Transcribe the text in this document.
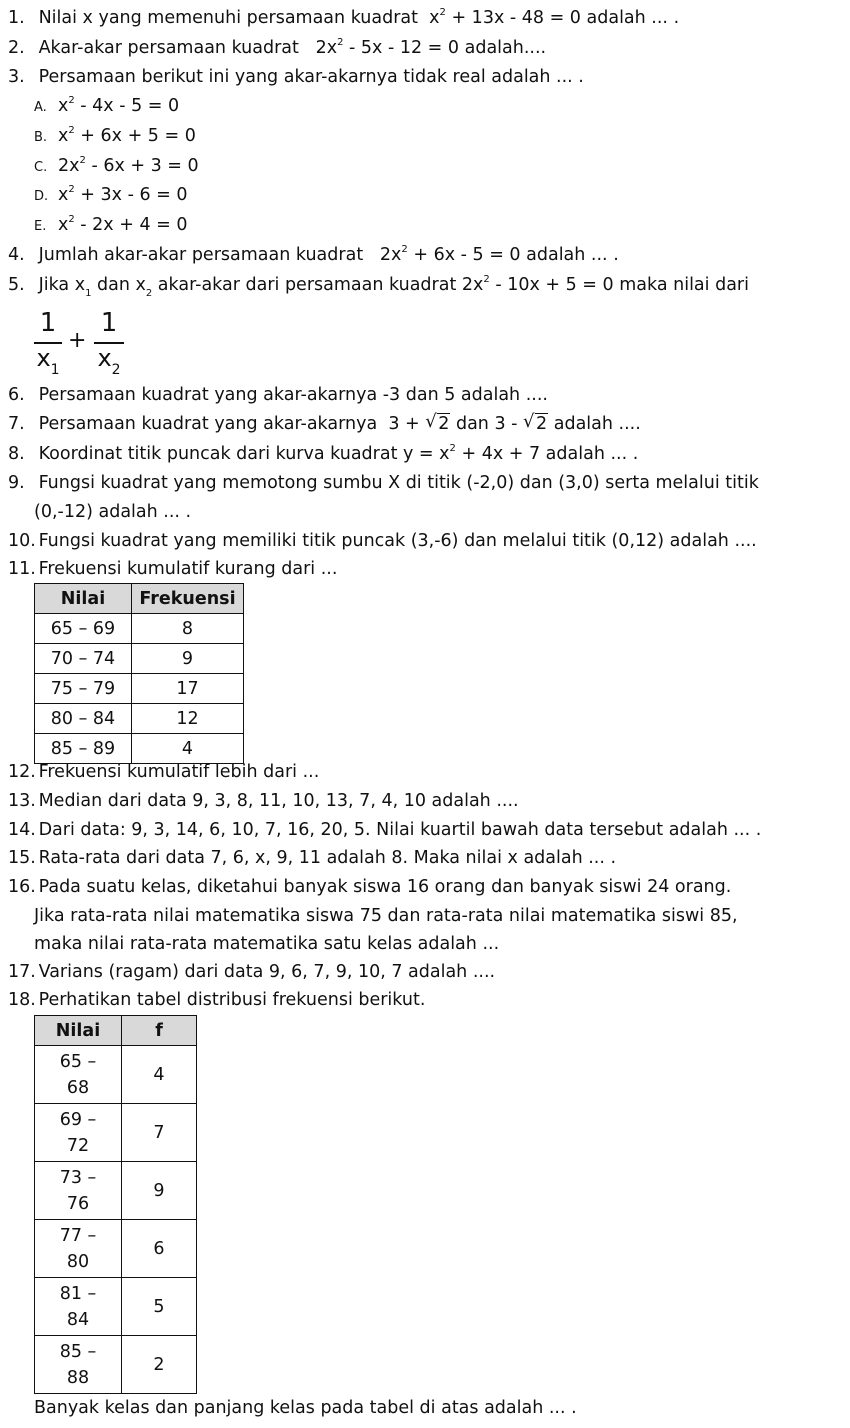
1. Nilai x yang memenuhi persamaan kuadrat $x^2 + 13x - 48 = 0$ adalah ... .
2. Akar-akar persamaan kuadrat $2x^2 - 5x - 12 = 0$ adalah....
3. Persamaan berikut ini yang akar-akarnya tidak real adalah ... .
A. $x^2 - 4x - 5 = 0$
B. $x^2 + 6x + 5 = 0$
C. $2x^2 - 6x + 3 = 0$
D. $x^2 + 3x - 6 = 0$
E. $x^2 - 2x + 4 = 0$
4. Jumlah akar-akar persamaan kuadrat $2x^2 + 6x - 5 = 0$ adalah ... .
5. Jika $x_1$ dan $x_2$ akar-akar dari persamaan kuadrat $2x^2 - 10x + 5 = 0$ maka nilai dari
1
$x_1$
+
1
$x_2$
6. Persamaan kuadrat yang akar-akarnya -3 dan 5 adalah ....
7. Persamaan kuadrat yang akar-akarnya 3 + √ 2 dan 3 - √ 2 adalah ....
8. Koordinat titik puncak dari kurva kuadrat $y = x^2 + 4x + 7$ adalah ... .
9. Fungsi kuadrat yang memotong sumbu X di titik (-2,0) dan (3,0) serta melalui titik
(0,-12) adalah ... .
10. Fungsi kuadrat yang memiliki titik puncak (3,-6) dan melalui titik (0,12) adalah ....
11. Frekuensi kumulatif kurang dari ...
Nilai	Frekuensi
65 – 69	8
70 – 74	9
75 – 79	17
80 – 84	12
85 – 89	4
12. Frekuensi kumulatif lebih dari ...
13. Median dari data 9, 3, 8, 11, 10, 13, 7, 4, 10 adalah ....
14. Dari data: 9, 3, 14, 6, 10, 7, 16, 20, 5. Nilai kuartil bawah data tersebut adalah ... .
15. Rata-rata dari data 7, 6, x, 9, 11 adalah 8. Maka nilai x adalah ... .
16. Pada suatu kelas, diketahui banyak siswa 16 orang dan banyak siswi 24 orang.
Jika rata-rata nilai matematika siswa 75 dan rata-rata nilai matematika siswi 85,
maka nilai rata-rata matematika satu kelas adalah ...
17. Varians (ragam) dari data 9, 6, 7, 9, 10, 7 adalah ....
18. Perhatikan tabel distribusi frekuensi berikut.
Nilai	f
65 –
68	4
69 –
72	7
73 –
76	9
77 –
80	6
81 –
84	5
85 –
88	2
Banyak kelas dan panjang kelas pada tabel di atas adalah ... .
